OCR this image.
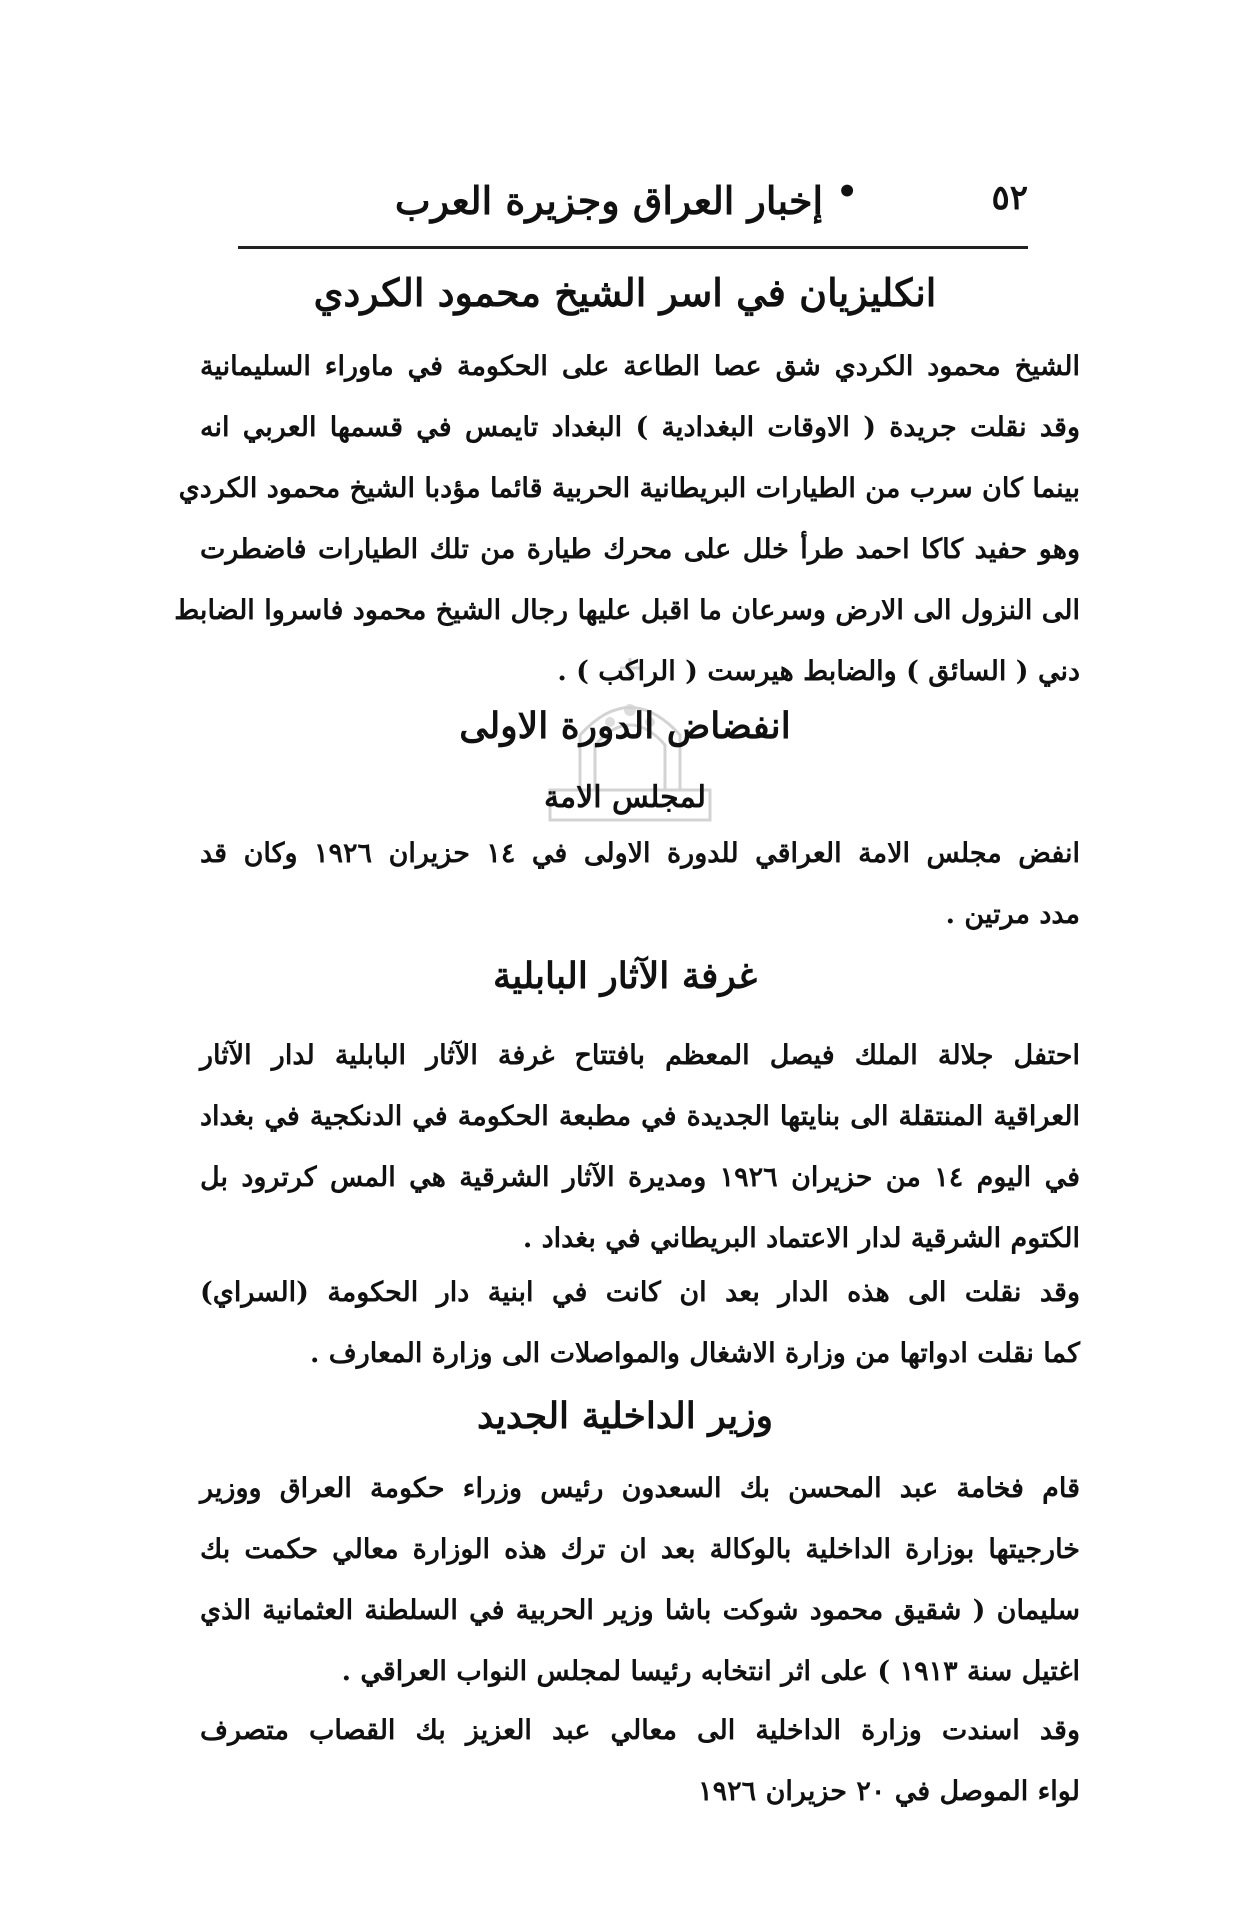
٥٢
•
إخبار العراق وجزيرة العرب
انكليزيان في اسر الشيخ محمود الكردي
الشيخ محمود الكردي شق عصا الطاعة على الحكومة في ماوراء السليمانية
وقد نقلت جريدة ( الاوقات البغدادية ) البغداد تايمس في قسمها العربي انه
بينما كان سرب من الطيارات البريطانية الحربية قائما مؤدبا الشيخ محمود الكردي
وهو حفيد كاكا احمد طرأ خلل على محرك طيارة من تلك الطيارات فاضطرت
الى النزول الى الارض وسرعان ما اقبل عليها رجال الشيخ محمود فاسروا الضابط
دني ( السائق ) والضابط هيرست ( الراكب ) .
انفضاض الدورة الاولى
لمجلس الامة
انفض مجلس الامة العراقي للدورة الاولى في ١٤ حزيران ١٩٢٦ وكان قد
مدد مرتين .
غرفة الآثار البابلية
احتفل جلالة الملك فيصل المعظم بافتتاح غرفة الآثار البابلية لدار الآثار
العراقية المنتقلة الى بنايتها الجديدة في مطبعة الحكومة في الدنكجية في بغداد
في اليوم ١٤ من حزيران ١٩٢٦ ومديرة الآثار الشرقية هي المس كرترود بل
الكتوم الشرقية لدار الاعتماد البريطاني في بغداد .
وقد نقلت الى هذه الدار بعد ان كانت في ابنية دار الحكومة (السراي)
كما نقلت ادواتها من وزارة الاشغال والمواصلات الى وزارة المعارف .
وزير الداخلية الجديد
قام فخامة عبد المحسن بك السعدون رئيس وزراء حكومة العراق ووزير
خارجيتها بوزارة الداخلية بالوكالة بعد ان ترك هذه الوزارة معالي حكمت بك
سليمان ( شقيق محمود شوكت باشا وزير الحربية في السلطنة العثمانية الذي
اغتيل سنة ١٩١٣ ) على اثر انتخابه رئيسا لمجلس النواب العراقي .
وقد اسندت وزارة الداخلية الى معالي عبد العزيز بك القصاب متصرف
لواء الموصل في ٢٠ حزيران ١٩٢٦
